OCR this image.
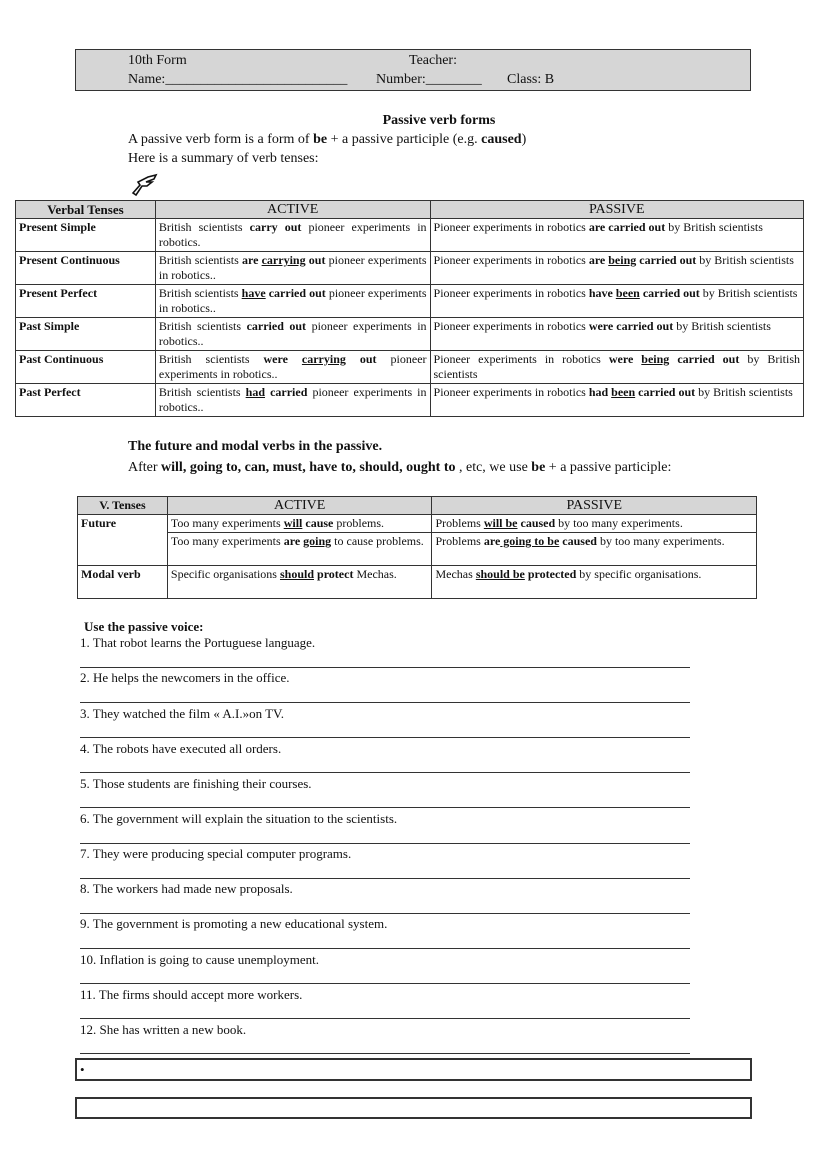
10th Form	Teacher:
Name:__________________________ Number:________ Class: B
Passive verb forms
A passive verb form is a form of be + a passive participle (e.g. caused)
Here is a summary of verb tenses:
Verbal Tenses	ACTIVE	PASSIVE
Present Simple	British scientists carry out pioneer experiments in robotics.	Pioneer experiments in robotics are carried out by British scientists
Present Continuous	British scientists are carrying out pioneer experiments in robotics..	Pioneer experiments in robotics are being carried out by British scientists
Present Perfect	British scientists have carried out pioneer experiments in robotics..	Pioneer experiments in robotics have been carried out by British scientists
Past Simple	British scientists carried out pioneer experiments in robotics..	Pioneer experiments in robotics were carried out by British scientists
Past Continuous	British scientists were carrying out pioneer experiments in robotics..	Pioneer experiments in robotics were being carried out by British scientists
Past Perfect	British scientists had carried pioneer experiments in robotics..	Pioneer experiments in robotics had been carried out by British scientists
The future and modal verbs in the passive.
After will, going to, can, must, have to, should, ought to , etc, we use be + a passive participle:
V. Tenses	ACTIVE	PASSIVE
Future	Too many experiments will cause problems.	Problems will be caused by too many experiments.
	Too many experiments are going to cause problems.	Problems are going to be caused by too many experiments.
Modal verb	Specific organisations should protect Mechas.	Mechas should be protected by specific organisations.
Use the passive voice:
1. That robot learns the Portuguese language.
2. He helps the newcomers in the office.
3. They watched the film « A.I.»on TV.
4. The robots have executed all orders.
5. Those students are finishing their courses.
6. The government will explain the situation to the scientists.
7. They were producing special computer programs.
8. The workers had made new proposals.
9. The government is promoting a new educational system.
10. Inflation is going to cause unemployment.
11. The firms should accept more workers.
12. She has written a new book.
•
